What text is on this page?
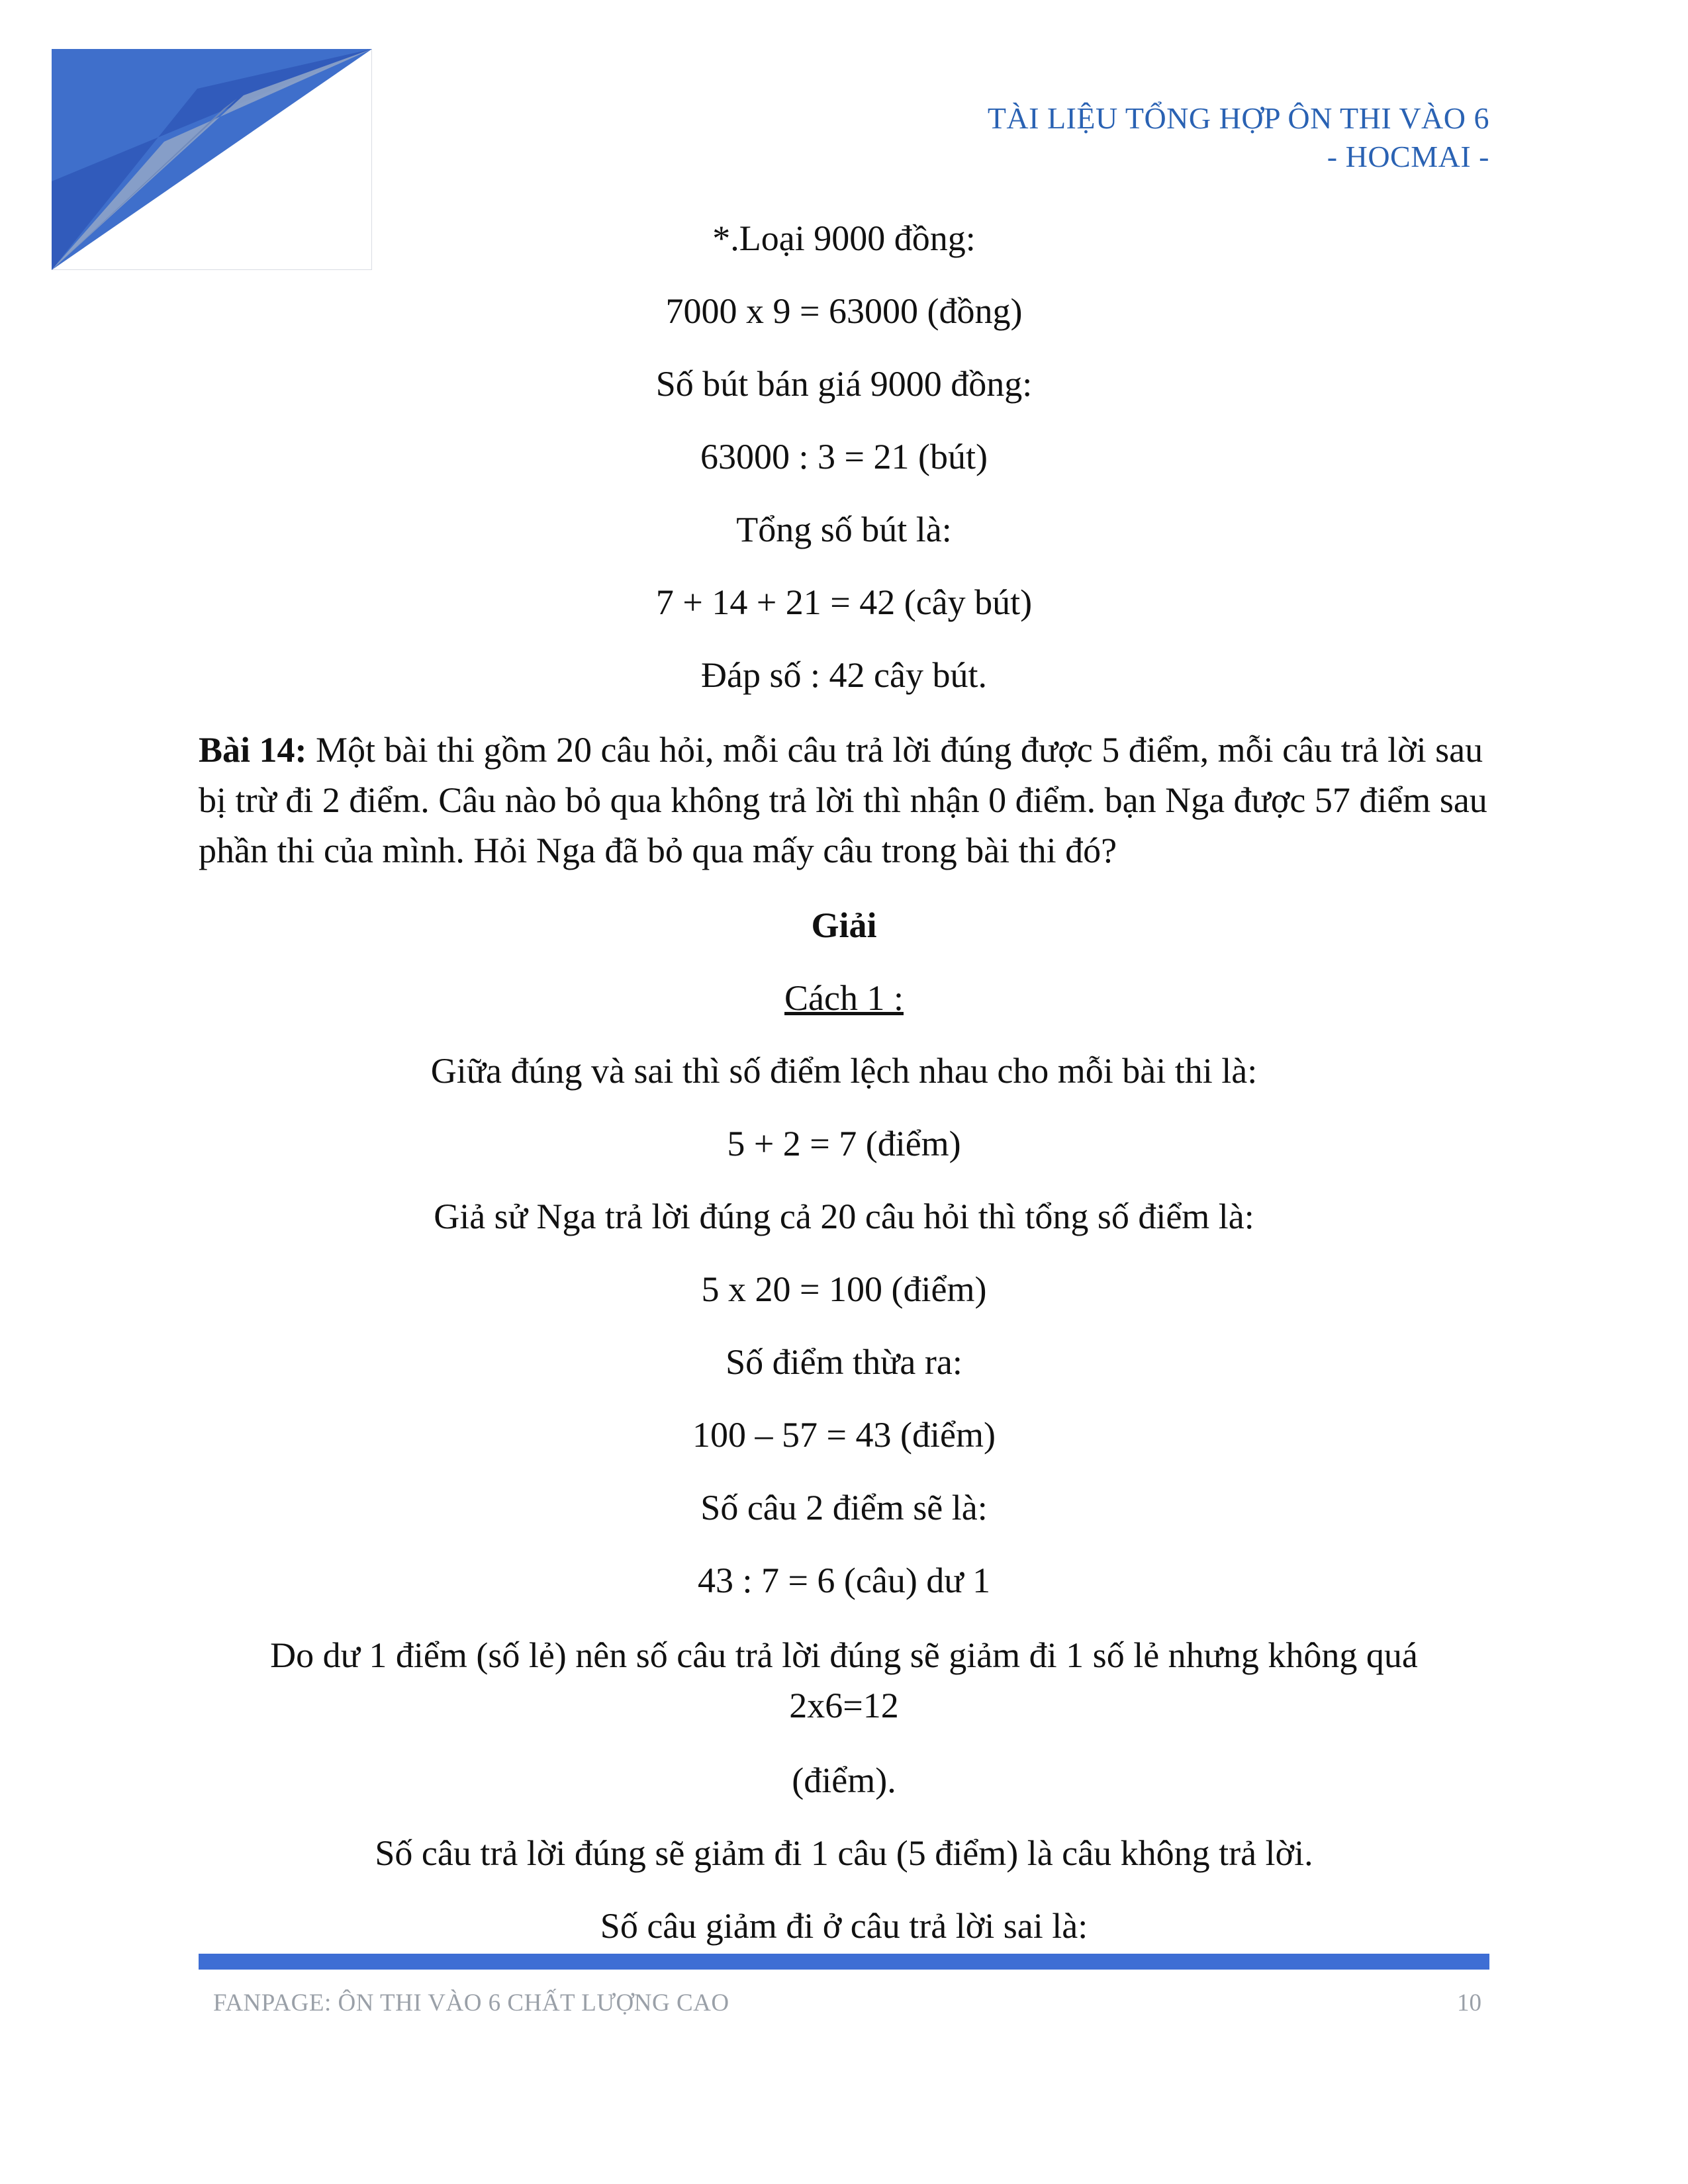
TÀI LIỆU TỔNG HỢP ÔN THI VÀO 6
- HOCMAI -

*.Loại 9000 đồng:

7000 x 9 = 63000 (đồng)

Số bút bán giá 9000 đồng:

63000 : 3 = 21 (bút)

Tổng số bút là:

7 + 14 + 21 = 42 (cây bút)

Đáp số : 42 cây bút.

Bài 14: Một bài thi gồm 20 câu hỏi, mỗi câu trả lời đúng được 5 điểm, mỗi câu trả lời sau bị trừ đi 2 điểm. Câu nào bỏ qua không trả lời thì nhận 0 điểm. bạn Nga được 57 điểm sau phần thi của mình. Hỏi Nga đã bỏ qua mấy câu trong bài thi đó?

Giải

Cách 1 :

Giữa đúng và sai thì số điểm lệch nhau cho mỗi bài thi là:

5 + 2 = 7 (điểm)

Giả sử Nga trả lời đúng cả 20 câu hỏi thì tổng số điểm là:

5 x 20 = 100 (điểm)

Số điểm thừa ra:

100 – 57 = 43 (điểm)

Số câu 2 điểm sẽ là:

43 : 7 = 6 (câu) dư 1

Do dư 1 điểm (số lẻ) nên số câu trả lời đúng sẽ giảm đi 1 số lẻ nhưng không quá
2x6=12

(điểm).

Số câu trả lời đúng sẽ giảm đi 1 câu (5 điểm) là câu không trả lời.

Số câu giảm đi ở câu trả lời sai là:

FANPAGE: ÔN THI VÀO 6 CHẤT LƯỢNG CAO	10
